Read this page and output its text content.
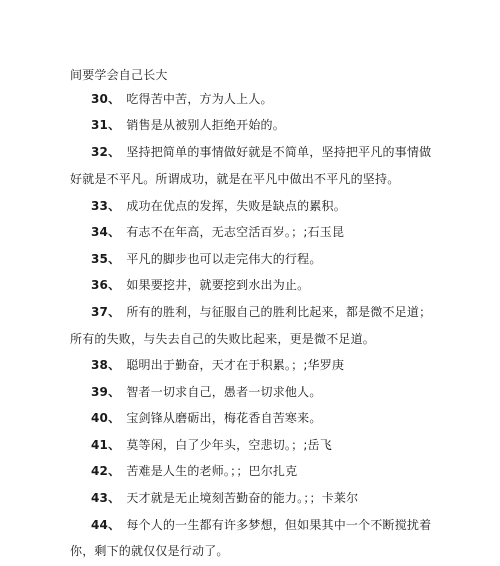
间要学会自己长大
30、 吃得苦中苦，方为人上人。
31、 销售是从被别人拒绝开始的。
32、 坚持把简单的事情做好就是不简单，坚持把平凡的事情做
好就是不平凡。所谓成功，就是在平凡中做出不平凡的坚持。
33、 成功在优点的发挥，失败是缺点的累积。
34、 有志不在年高，无志空活百岁。；;石玉昆
35、 平凡的脚步也可以走完伟大的行程。
36、 如果要挖井，就要挖到水出为止。
37、 所有的胜利，与征服自己的胜利比起来，都是微不足道；
所有的失败，与失去自己的失败比起来，更是微不足道。
38、 聪明出于勤奋，天才在于积累。；;华罗庚
39、 智者一切求自己，愚者一切求他人。
40、 宝剑锋从磨砺出，梅花香自苦寒来。
41、 莫等闲，白了少年头，空悲切。；;岳飞
42、 苦难是人生的老师。；；巴尔扎克
43、 天才就是无止境刻苦勤奋的能力。；；卡莱尔
44、 每个人的一生都有许多梦想，但如果其中一个不断搅扰着
你，剩下的就仅仅是行动了。
